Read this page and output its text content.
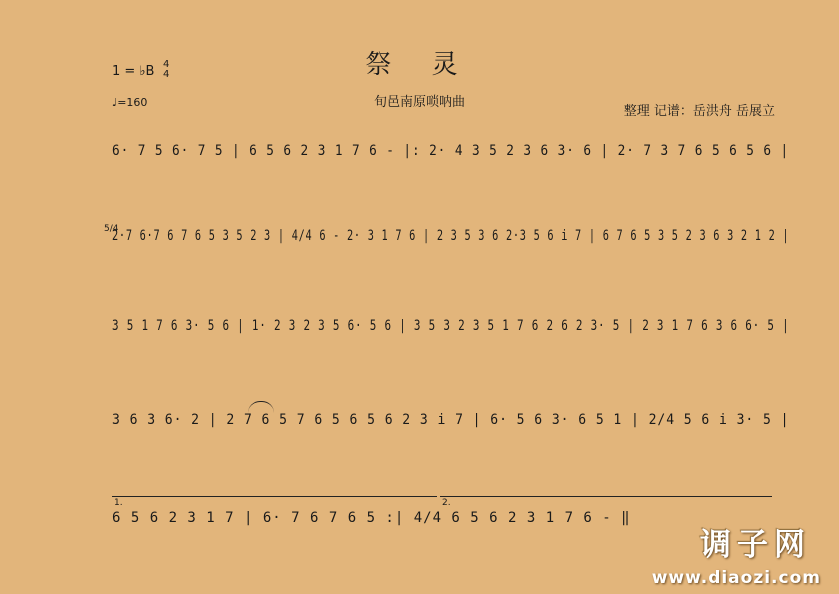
祭 灵
旬邑南原唢呐曲
整理 记谱：岳洪舟 岳展立
1 = ♭B 4
4
♩=160
6· 7 5 6· 7 5 | 6 5 6 2 3 1 7 6 - |: 2· 4 3 5 2 3 6 3· 6 | 2· 7 3 7 6 5 6 5 6 |
5/4
2·7 6·7 6 7 6 5 3 5 2 3 | 4/4 6 - 2· 3 1 7 6 | 2 3 5 3 6 2·3 5 6 i 7 | 6 7 6 5 3 5 2 3 6 3 2 1 2 |
3 5 1 7 6 3· 5 6 | 1· 2 3 2 3 5 6· 5 6 | 3 5 3 2 3 5 1 7 6 2 6 2 3· 5 | 2 3 1 7 6 3 6 6· 5 |
3 6 3 6· 2 | 2 7 6 5 7 6 5 6 5 6 2 3 i 7 | 6· 5 6 3· 6 5 1 | 2/4 5 6 i 3· 5 |
1.	2.
6 5 6 2 3 1 7 | 6· 7 6 7 6 5 :| 4/4 6 5 6 2 3 1 7 6 - ‖
调子网
www.diaozi.com
